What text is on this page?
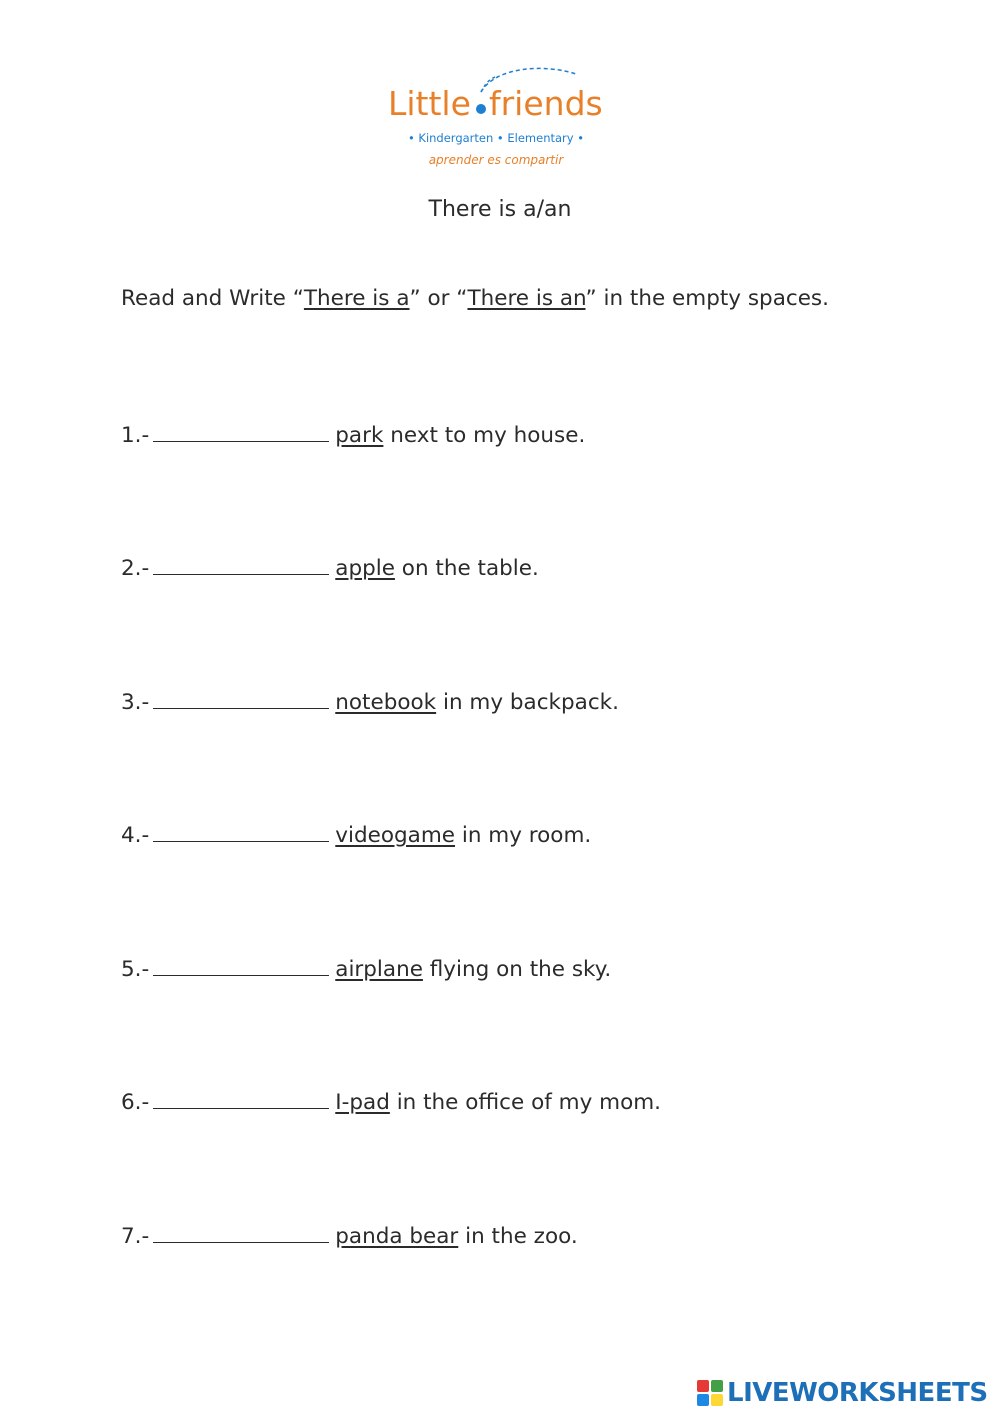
Little friends
• Kindergarten • Elementary •
aprender es compartir
There is a/an
Read and Write “There is a” or “There is an” in the empty spaces.
1.-	park next to my house.
2.-	apple on the table.
3.-	notebook in my backpack.
4.-	videogame in my room.
5.-	airplane flying on the sky.
6.-	I-pad in the office of my mom.
7.-	panda bear in the zoo.
LIVEWORKSHEETS
